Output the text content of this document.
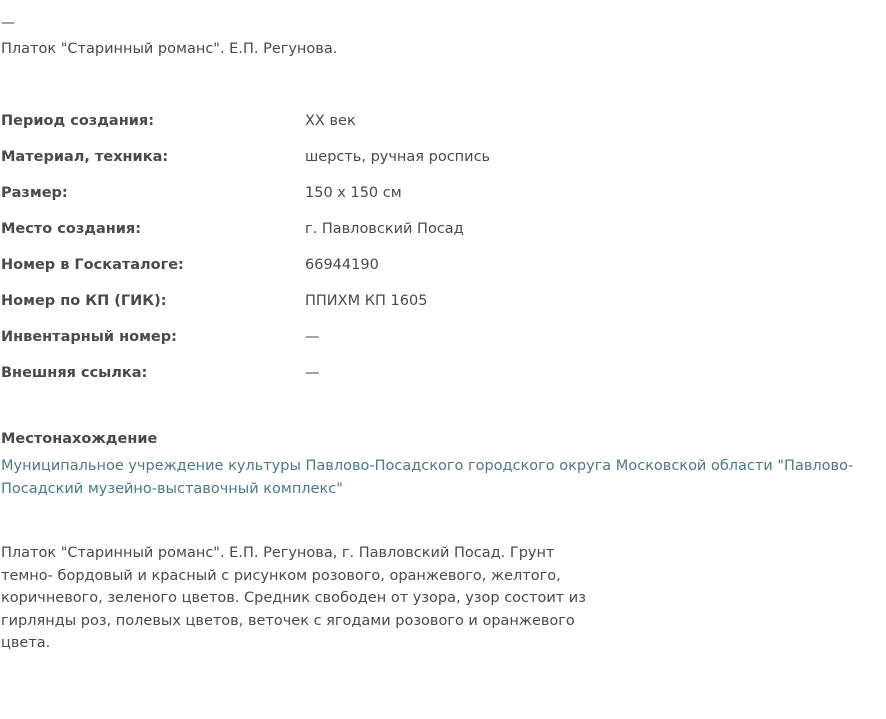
—
Платок "Старинный романс". Е.П. Регунова.
Период создания:	XX век
Материал, техника:	шерсть, ручная роспись
Размер:	150 х 150 см
Место создания:	г. Павловский Посад
Номер в Госкаталоге:	66944190
Номер по КП (ГИК):	ППИХМ КП 1605
Инвентарный номер:	—
Внешняя ссылка:	—
Местонахождение
Муниципальное учреждение культуры Павлово-Посадского городского округа Московской области "Павлово-Посадский музейно-выставочный комплекс"
Платок "Старинный романс". Е.П. Регунова, г. Павловский Посад. Грунт темно- бордовый и красный с рисунком розового, оранжевого, желтого, коричневого, зеленого цветов. Средник свободен от узора, узор состоит из гирлянды роз, полевых цветов, веточек с ягодами розового и оранжевого цвета.
